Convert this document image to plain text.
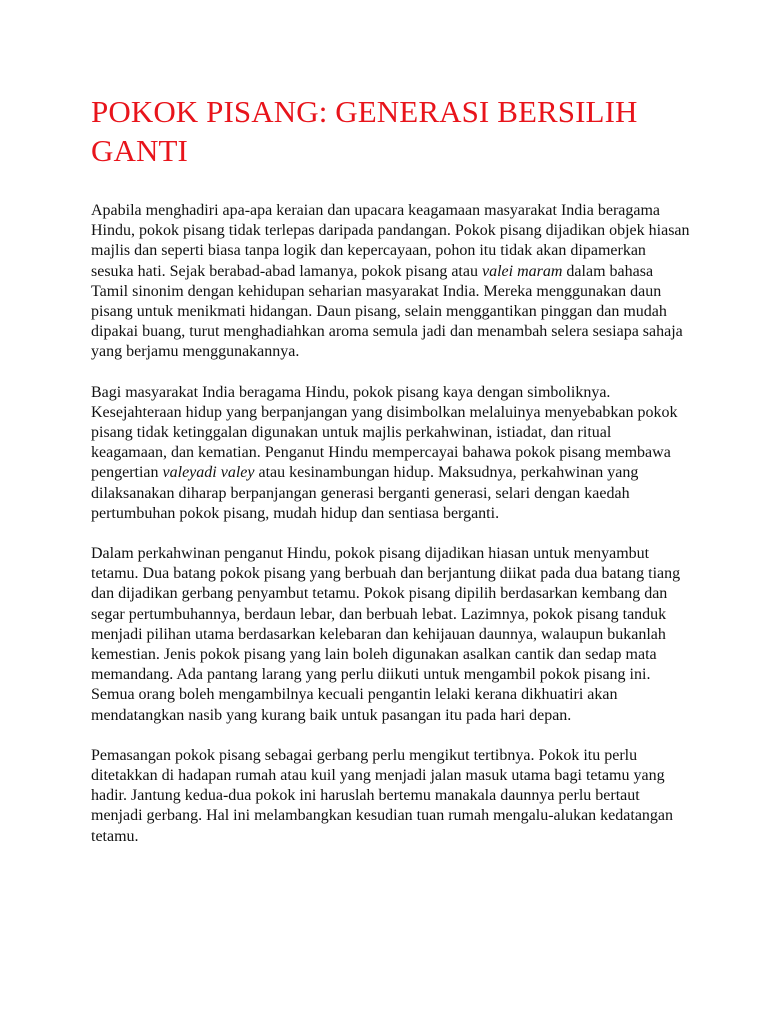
POKOK PISANG: GENERASI BERSILIH GANTI

Apabila menghadiri apa-apa keraian dan upacara keagamaan masyarakat India beragama Hindu, pokok pisang tidak terlepas daripada pandangan. Pokok pisang dijadikan objek hiasan majlis dan seperti biasa tanpa logik dan kepercayaan, pohon itu tidak akan dipamerkan sesuka hati. Sejak berabad-abad lamanya, pokok pisang atau valei maram dalam bahasa Tamil sinonim dengan kehidupan seharian masyarakat India. Mereka menggunakan daun pisang untuk menikmati hidangan. Daun pisang, selain menggantikan pinggan dan mudah dipakai buang, turut menghadiahkan aroma semula jadi dan menambah selera sesiapa sahaja yang berjamu menggunakannya.

Bagi masyarakat India beragama Hindu, pokok pisang kaya dengan simboliknya. Kesejahteraan hidup yang berpanjangan yang disimbolkan melaluinya menyebabkan pokok pisang tidak ketinggalan digunakan untuk majlis perkahwinan, istiadat, dan ritual keagamaan, dan kematian. Penganut Hindu mempercayai bahawa pokok pisang membawa pengertian valeyadi valey atau kesinambungan hidup. Maksudnya, perkahwinan yang dilaksanakan diharap berpanjangan generasi berganti generasi, selari dengan kaedah pertumbuhan pokok pisang, mudah hidup dan sentiasa berganti.

Dalam perkahwinan penganut Hindu, pokok pisang dijadikan hiasan untuk menyambut tetamu. Dua batang pokok pisang yang berbuah dan berjantung diikat pada dua batang tiang dan dijadikan gerbang penyambut tetamu. Pokok pisang dipilih berdasarkan kembang dan segar pertumbuhannya, berdaun lebar, dan berbuah lebat. Lazimnya, pokok pisang tanduk menjadi pilihan utama berdasarkan kelebaran dan kehijauan daunnya, walaupun bukanlah kemestian. Jenis pokok pisang yang lain boleh digunakan asalkan cantik dan sedap mata memandang. Ada pantang larang yang perlu diikuti untuk mengambil pokok pisang ini. Semua orang boleh mengambilnya kecuali pengantin lelaki kerana dikhuatiri akan mendatangkan nasib yang kurang baik untuk pasangan itu pada hari depan.

Pemasangan pokok pisang sebagai gerbang perlu mengikut tertibnya. Pokok itu perlu ditetakkan di hadapan rumah atau kuil yang menjadi jalan masuk utama bagi tetamu yang hadir. Jantung kedua-dua pokok ini haruslah bertemu manakala daunnya perlu bertaut menjadi gerbang. Hal ini melambangkan kesudian tuan rumah mengalu-alukan kedatangan tetamu.
